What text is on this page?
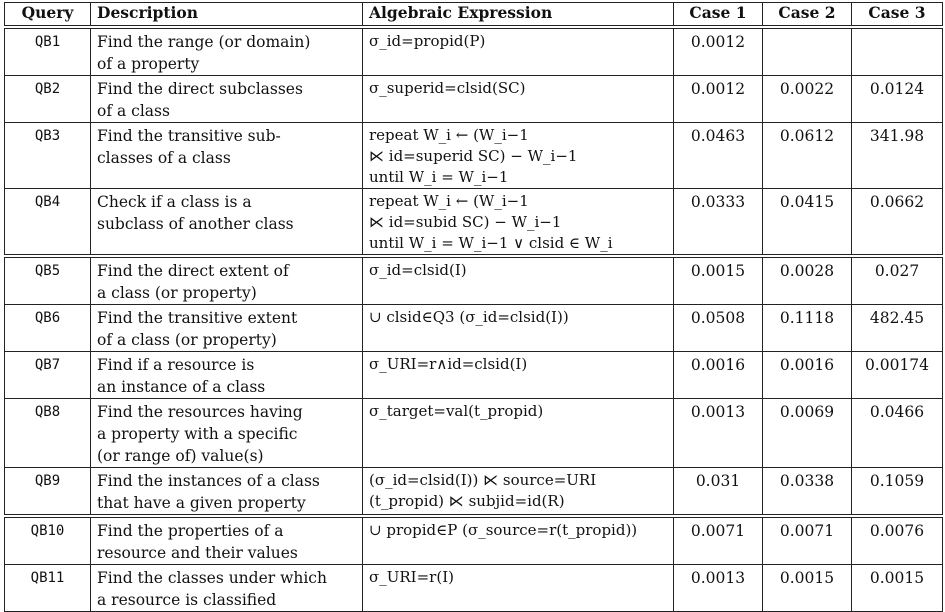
Query	Description	Algebraic Expression	Case 1	Case 2	Case 3
QB1	Find the range (or domain)
of a property	σ_id=propid(P)	0.0012		
QB2	Find the direct subclasses
of a class	σ_superid=clsid(SC)	0.0012	0.0022	0.0124
QB3	Find the transitive sub-
classes of a class	repeat W_i ← (W_i−1
⋉ id=superid SC) − W_i−1
until W_i = W_i−1	0.0463	0.0612	341.98
QB4	Check if a class is a
subclass of another class	repeat W_i ← (W_i−1
⋉ id=subid SC) − W_i−1
until W_i = W_i−1 ∨ clsid ∈ W_i	0.0333	0.0415	0.0662
QB5	Find the direct extent of
a class (or property)	σ_id=clsid(I)	0.0015	0.0028	0.027
QB6	Find the transitive extent
of a class (or property)	∪ clsid∈Q3 (σ_id=clsid(I))	0.0508	0.1118	482.45
QB7	Find if a resource is
an instance of a class	σ_URI=r∧id=clsid(I)	0.0016	0.0016	0.00174
QB8	Find the resources having
a property with a specific
(or range of) value(s)	σ_target=val(t_propid)	0.0013	0.0069	0.0466
QB9	Find the instances of a class
that have a given property	(σ_id=clsid(I)) ⋉ source=URI
(t_propid) ⋉ subjid=id(R)	0.031	0.0338	0.1059
QB10	Find the properties of a
resource and their values	∪ propid∈P (σ_source=r(t_propid))	0.0071	0.0071	0.0076
QB11	Find the classes under which
a resource is classified	σ_URI=r(I)	0.0013	0.0015	0.0015
